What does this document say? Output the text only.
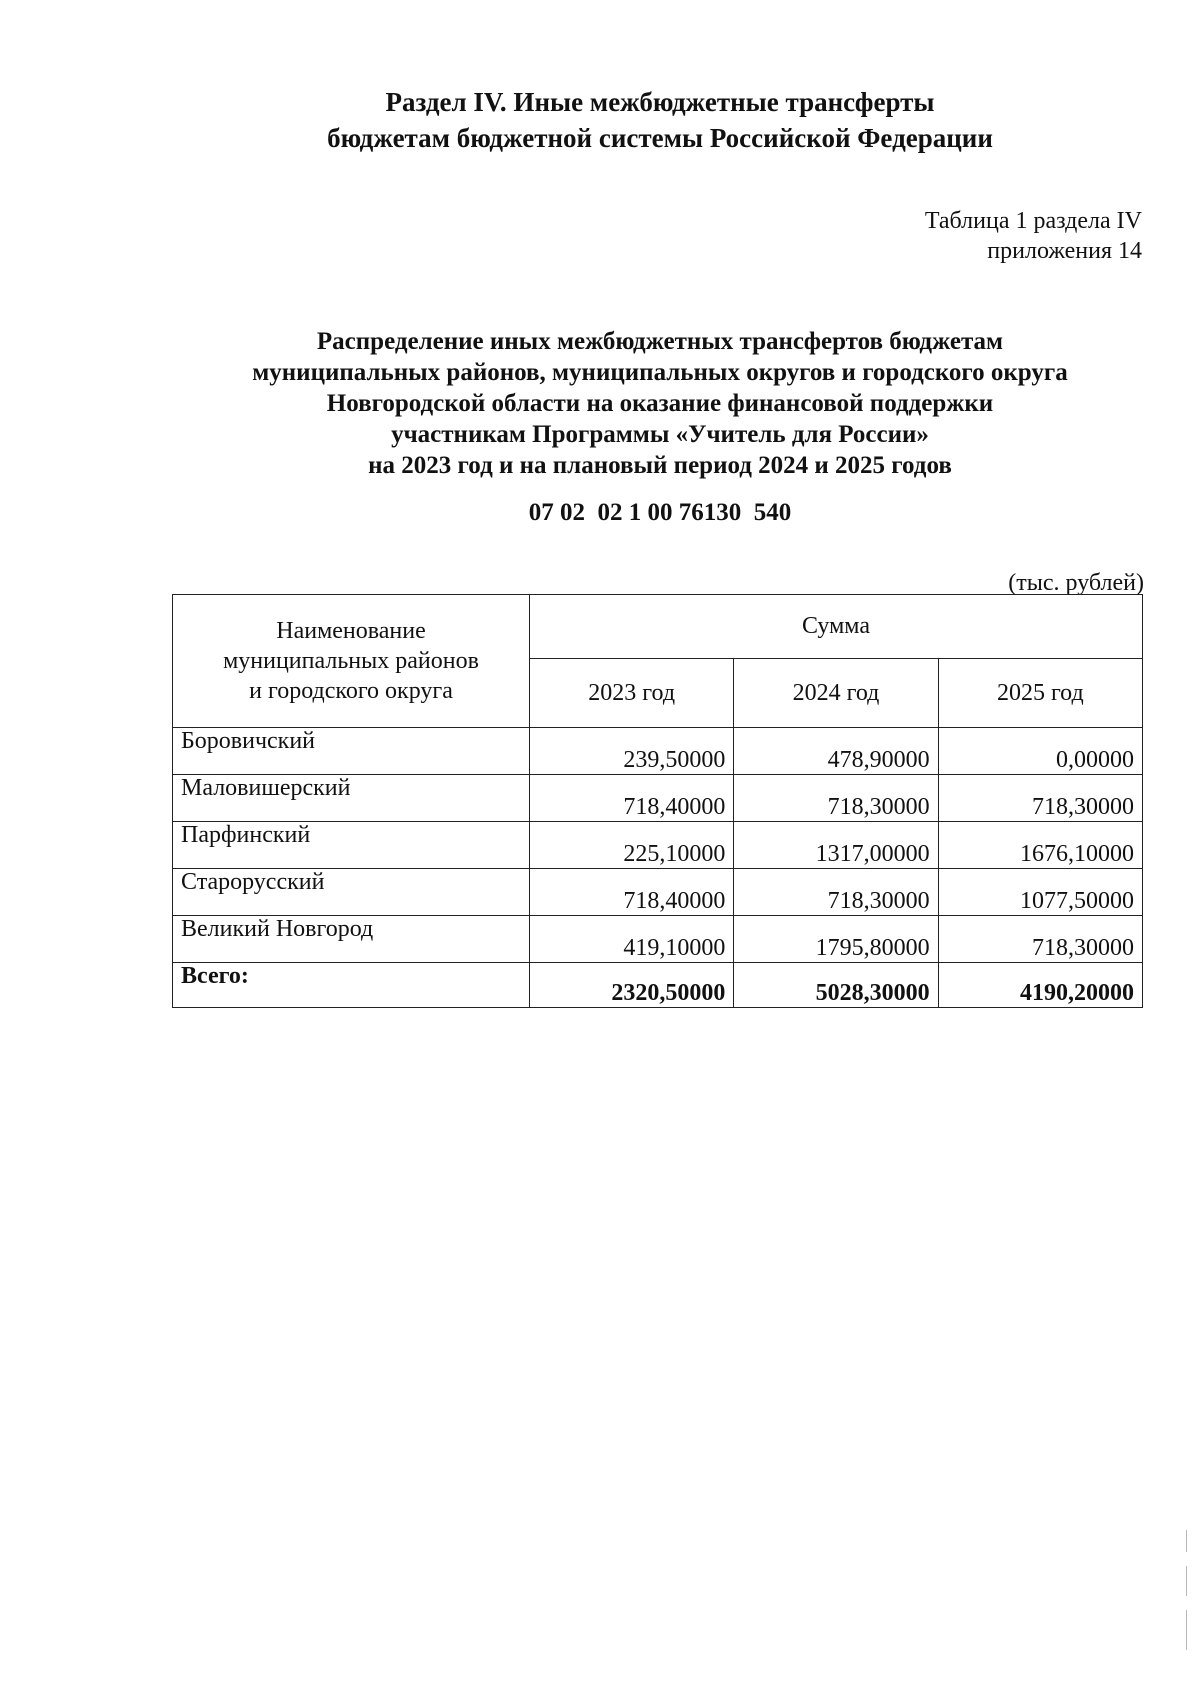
Раздел IV. Иные межбюджетные трансферты
бюджетам бюджетной системы Российской Федерации
Таблица 1 раздела IV
приложения 14
Распределение иных межбюджетных трансфертов бюджетам
муниципальных районов, муниципальных округов и городского округа
Новгородской области на оказание финансовой поддержки
участникам Программы «Учитель для России»
на 2023 год и на плановый период 2024 и 2025 годов
07 02  02 1 00 76130  540
(тыс. рублей)
Наименование
муниципальных районов
и городского округа	Сумма		
	2023 год	2024 год	2025 год
Боровичский	239,50000	478,90000	0,00000
Маловишерский	718,40000	718,30000	718,30000
Парфинский	225,10000	1317,00000	1676,10000
Старорусский	718,40000	718,30000	1077,50000
Великий Новгород	419,10000	1795,80000	718,30000
Всего:	2320,50000	5028,30000	4190,20000
